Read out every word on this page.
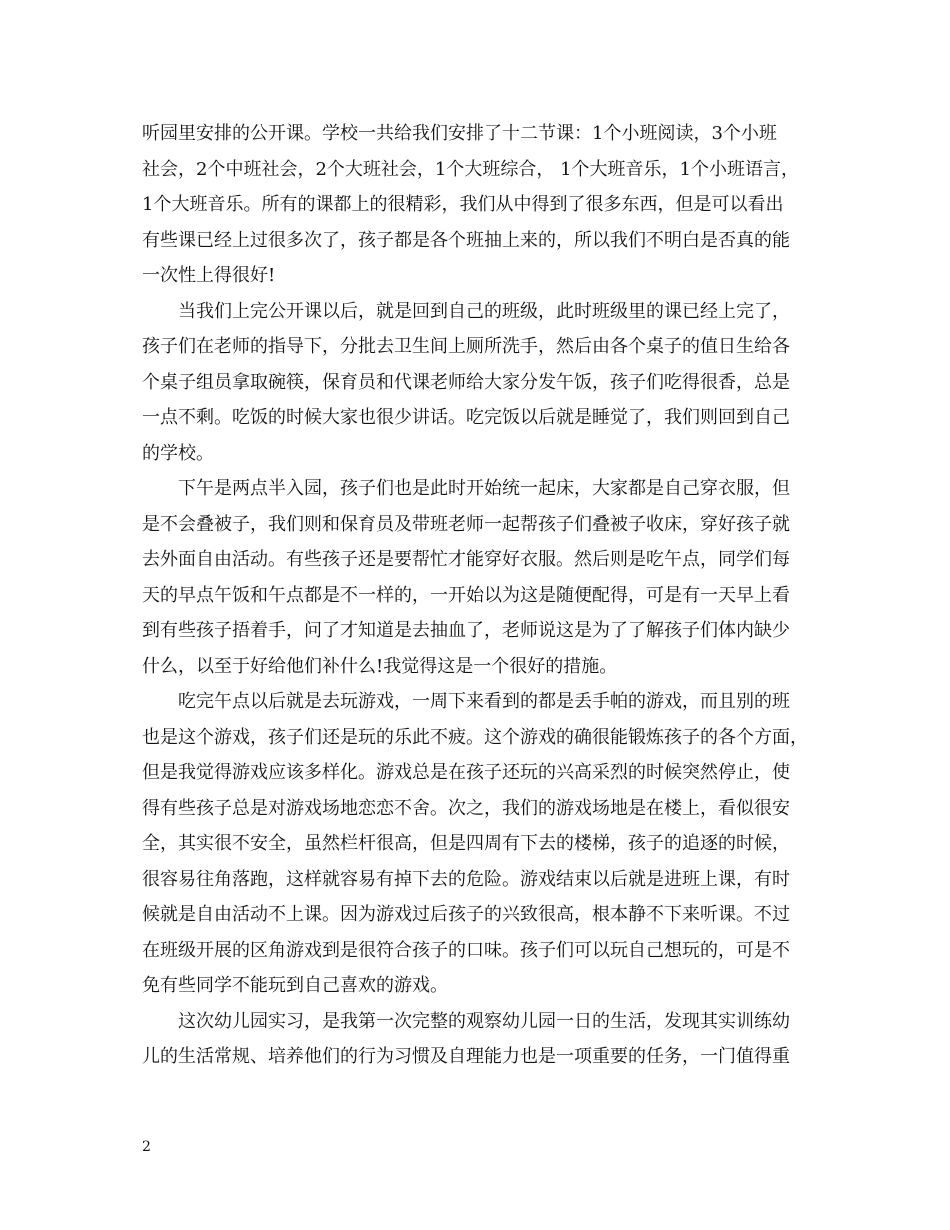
听园里安排的公开课。学校一共给我们安排了十二节课：1个小班阅读，3个小班
社会，2个中班社会，2个大班社会，1个大班综合， 1个大班音乐，1个小班语言，
1个大班音乐。所有的课都上的很精彩，我们从中得到了很多东西，但是可以看出
有些课已经上过很多次了，孩子都是各个班抽上来的，所以我们不明白是否真的能
一次性上得很好!
当我们上完公开课以后，就是回到自己的班级，此时班级里的课已经上完了，
孩子们在老师的指导下，分批去卫生间上厕所洗手，然后由各个桌子的值日生给各
个桌子组员拿取碗筷，保育员和代课老师给大家分发午饭，孩子们吃得很香，总是
一点不剩。吃饭的时候大家也很少讲话。吃完饭以后就是睡觉了，我们则回到自己
的学校。
下午是两点半入园，孩子们也是此时开始统一起床，大家都是自己穿衣服，但
是不会叠被子，我们则和保育员及带班老师一起帮孩子们叠被子收床，穿好孩子就
去外面自由活动。有些孩子还是要帮忙才能穿好衣服。然后则是吃午点，同学们每
天的早点午饭和午点都是不一样的，一开始以为这是随便配得，可是有一天早上看
到有些孩子捂着手，问了才知道是去抽血了，老师说这是为了了解孩子们体内缺少
什么，以至于好给他们补什么!我觉得这是一个很好的措施。
吃完午点以后就是去玩游戏，一周下来看到的都是丢手帕的游戏，而且别的班
也是这个游戏，孩子们还是玩的乐此不疲。这个游戏的确很能锻炼孩子的各个方面，
但是我觉得游戏应该多样化。游戏总是在孩子还玩的兴高采烈的时候突然停止，使
得有些孩子总是对游戏场地恋恋不舍。次之，我们的游戏场地是在楼上，看似很安
全，其实很不安全，虽然栏杆很高，但是四周有下去的楼梯，孩子的追逐的时候，
很容易往角落跑，这样就容易有掉下去的危险。游戏结束以后就是进班上课，有时
候就是自由活动不上课。因为游戏过后孩子的兴致很高，根本静不下来听课。不过
在班级开展的区角游戏到是很符合孩子的口味。孩子们可以玩自己想玩的，可是不
免有些同学不能玩到自己喜欢的游戏。
这次幼儿园实习，是我第一次完整的观察幼儿园一日的生活，发现其实训练幼
儿的生活常规、培养他们的行为习惯及自理能力也是一项重要的任务，一门值得重
2
